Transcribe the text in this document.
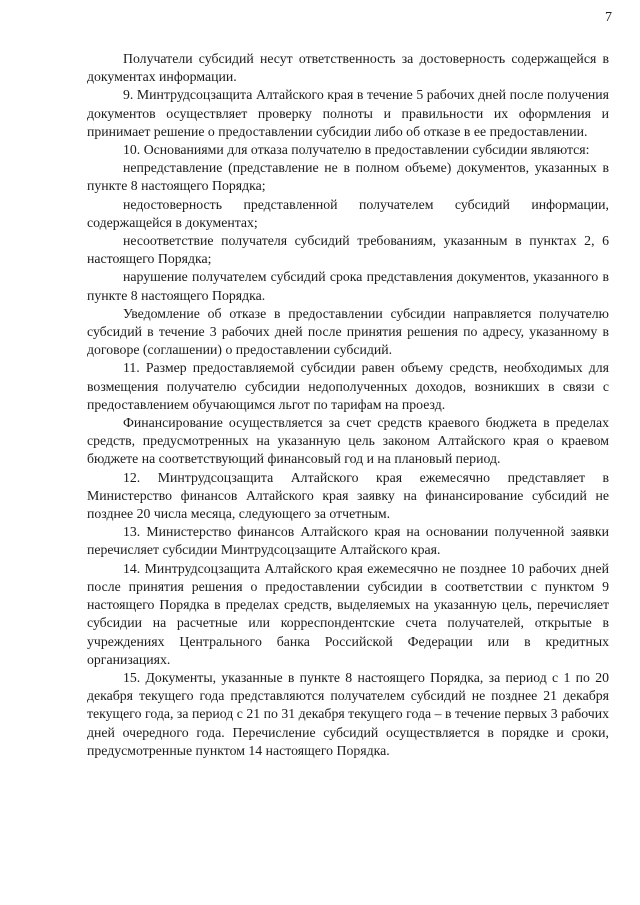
7

Получатели субсидий несут ответственность за достоверность содержащейся в документах информации.

9. Минтрудсоцзащита Алтайского края в течение 5 рабочих дней после получения документов осуществляет проверку полноты и правильности их оформления и принимает решение о предоставлении субсидии либо об отказе в ее предоставлении.

10. Основаниями для отказа получателю в предоставлении субсидии являются:

непредставление (представление не в полном объеме) документов, указанных в пункте 8 настоящего Порядка;

недостоверность представленной получателем субсидий информации, содержащейся в документах;

несоответствие получателя субсидий требованиям, указанным в пунктах 2, 6 настоящего Порядка;

нарушение получателем субсидий срока представления документов, указанного в пункте 8 настоящего Порядка.

Уведомление об отказе в предоставлении субсидии направляется получателю субсидий в течение 3 рабочих дней после принятия решения по адресу, указанному в договоре (соглашении) о предоставлении субсидий.

11. Размер предоставляемой субсидии равен объему средств, необходимых для возмещения получателю субсидии недополученных доходов, возникших в связи с предоставлением обучающимся льгот по тарифам на проезд.

Финансирование осуществляется за счет средств краевого бюджета в пределах средств, предусмотренных на указанную цель законом Алтайского края о краевом бюджете на соответствующий финансовый год и на плановый период.

12. Минтрудсоцзащита Алтайского края ежемесячно представляет в Министерство финансов Алтайского края заявку на финансирование субсидий не позднее 20 числа месяца, следующего за отчетным.

13. Министерство финансов Алтайского края на основании полученной заявки перечисляет субсидии Минтрудсоцзащите Алтайского края.

14. Минтрудсоцзащита Алтайского края ежемесячно не позднее 10 рабочих дней после принятия решения о предоставлении субсидии в соответствии с пунктом 9 настоящего Порядка в пределах средств, выделяемых на указанную цель, перечисляет субсидии на расчетные или корреспондентские счета получателей, открытые в учреждениях Центрального банка Российской Федерации или в кредитных организациях.

15. Документы, указанные в пункте 8 настоящего Порядка, за период с 1 по 20 декабря текущего года представляются получателем субсидий не позднее 21 декабря текущего года, за период с 21 по 31 декабря текущего года – в течение первых 3 рабочих дней очередного года. Перечисление субсидий осуществляется в порядке и сроки, предусмотренные пунктом 14 настоящего Порядка.
